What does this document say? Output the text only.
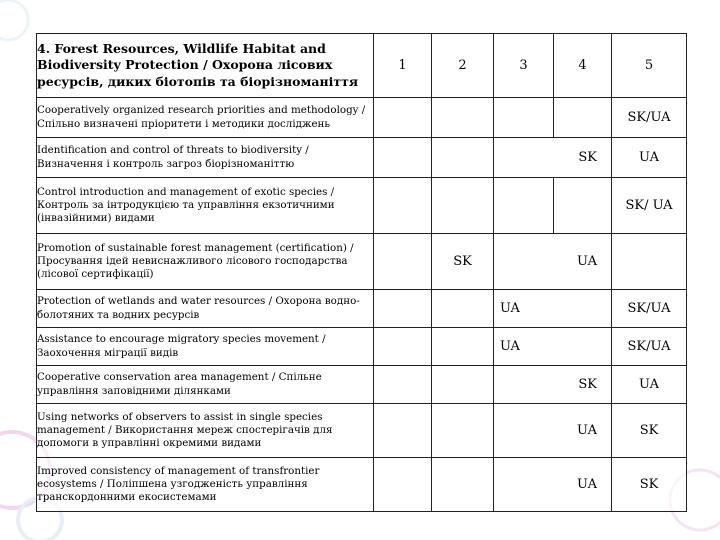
4. Forest Resources, Wildlife Habitat and Biodiversity Protection / Охорона лісових ресурсів, диких біотопів та біорізноманіття	1	2	3	4	5
Cooperatively organized research priorities and methodology / Спільно визначені пріоритети і методики досліджень					SK/UA
Identification and control of threats to biodiversity / Визначення і контроль загроз біорізноманіттю			SK		UA
Control introduction and management of exotic species / Контроль за інтродукцією та управління екзотичними (інвазійними) видами					SK/ UA
Promotion of sustainable forest management (certification) / Просування ідей невиснажливого лісового господарства (лісової сертифікації)		SK	UA		
Protection of wetlands and water resources / Охорона водно-болотяних та водних ресурсів			UA		SK/UA
Assistance to encourage migratory species movement / Заохочення міграції видів			UA		SK/UA
Cooperative conservation area management / Спільне управління заповідними ділянками			SK		UA
Using networks of observers to assist in single species management / Використання мереж спостерігачів для допомоги в управлінні окремими видами			UA		SK
Improved consistency of management of transfrontier ecosystems / Поліпшена узгодженість управління транскордонними екосистемами			UA		SK
